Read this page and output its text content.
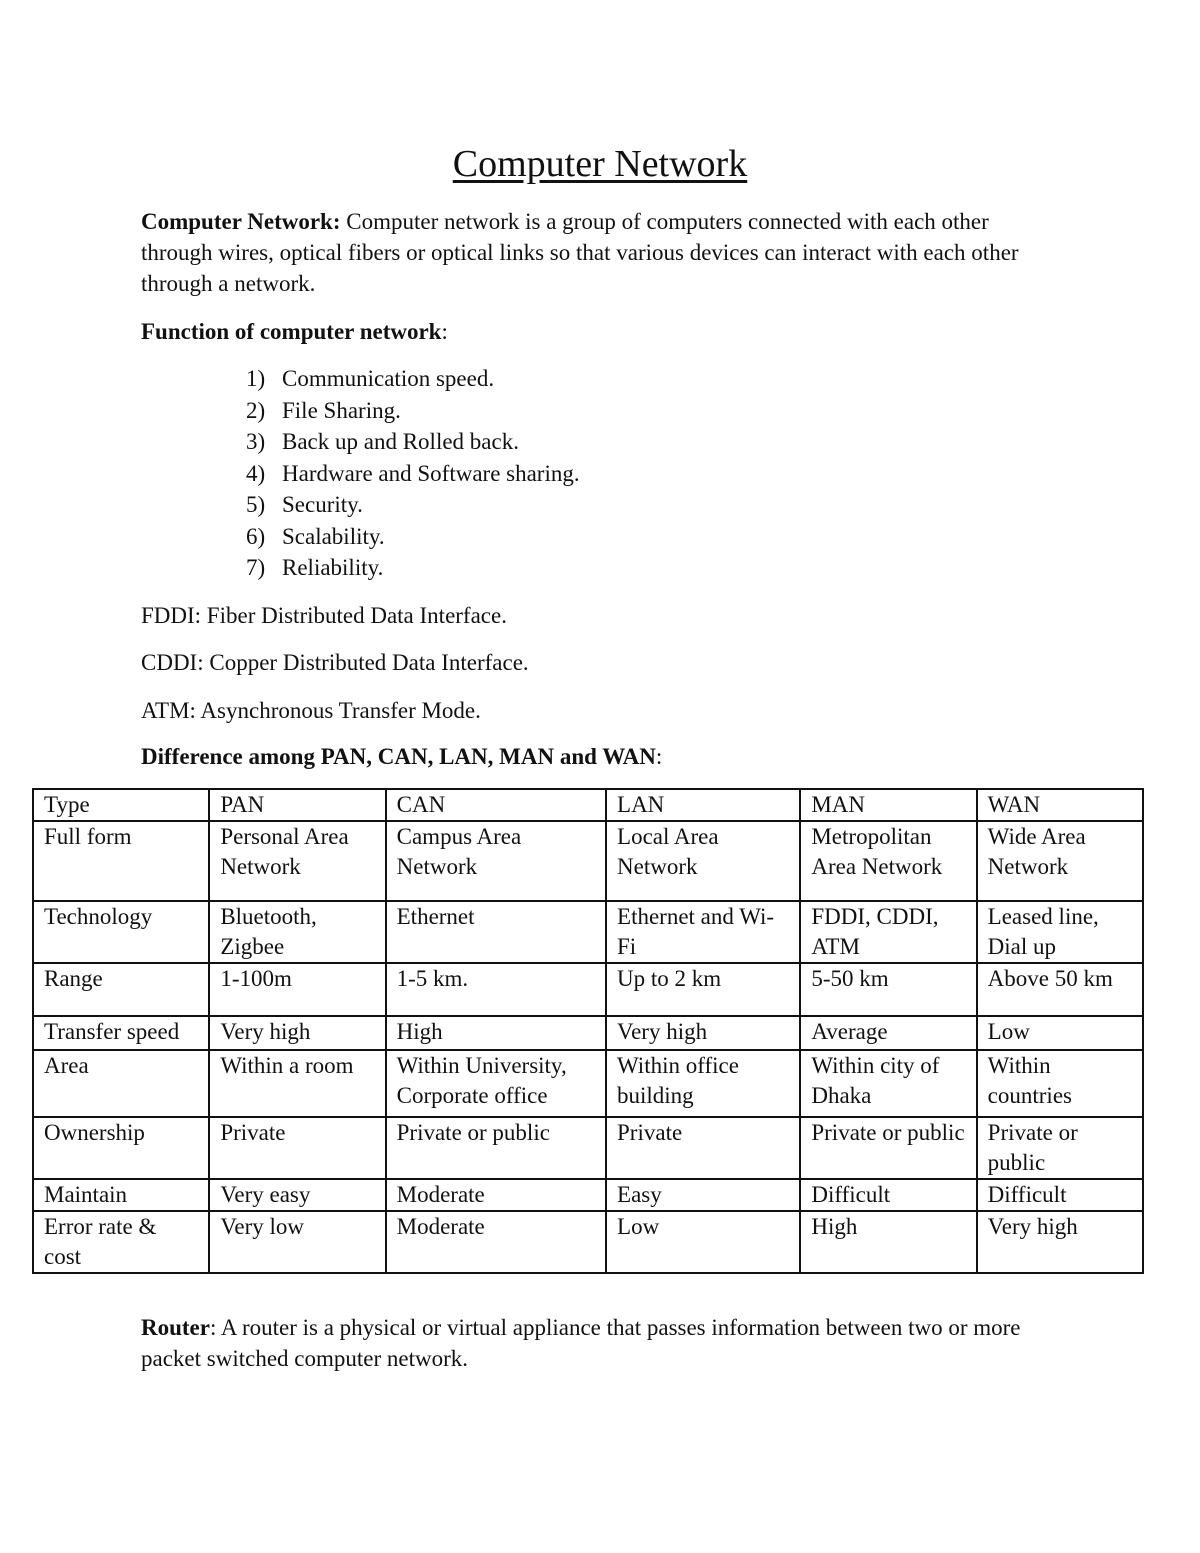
Computer Network
Computer Network: Computer network is a group of computers connected with each other through wires, optical fibers or optical links so that various devices can interact with each other through a network.
Function of computer network:
1) Communication speed.
2) File Sharing.
3) Back up and Rolled back.
4) Hardware and Software sharing.
5) Security.
6) Scalability.
7) Reliability.
FDDI: Fiber Distributed Data Interface.
CDDI: Copper Distributed Data Interface.
ATM: Asynchronous Transfer Mode.
Difference among PAN, CAN, LAN, MAN and WAN:
Type	PAN	CAN	LAN	MAN	WAN
Full form	Personal Area Network	Campus Area Network	Local Area Network	Metropolitan Area Network	Wide Area Network
Technology	Bluetooth, Zigbee	Ethernet	Ethernet and Wi-Fi	FDDI, CDDI, ATM	Leased line, Dial up
Range	1-100m	1-5 km.	Up to 2 km	5-50 km	Above 50 km
Transfer speed	Very high	High	Very high	Average	Low
Area	Within a room	Within University, Corporate office	Within office building	Within city of Dhaka	Within countries
Ownership	Private	Private or public	Private	Private or public	Private or public
Maintain	Very easy	Moderate	Easy	Difficult	Difficult
Error rate & cost	Very low	Moderate	Low	High	Very high
Router: A router is a physical or virtual appliance that passes information between two or more packet switched computer network.
